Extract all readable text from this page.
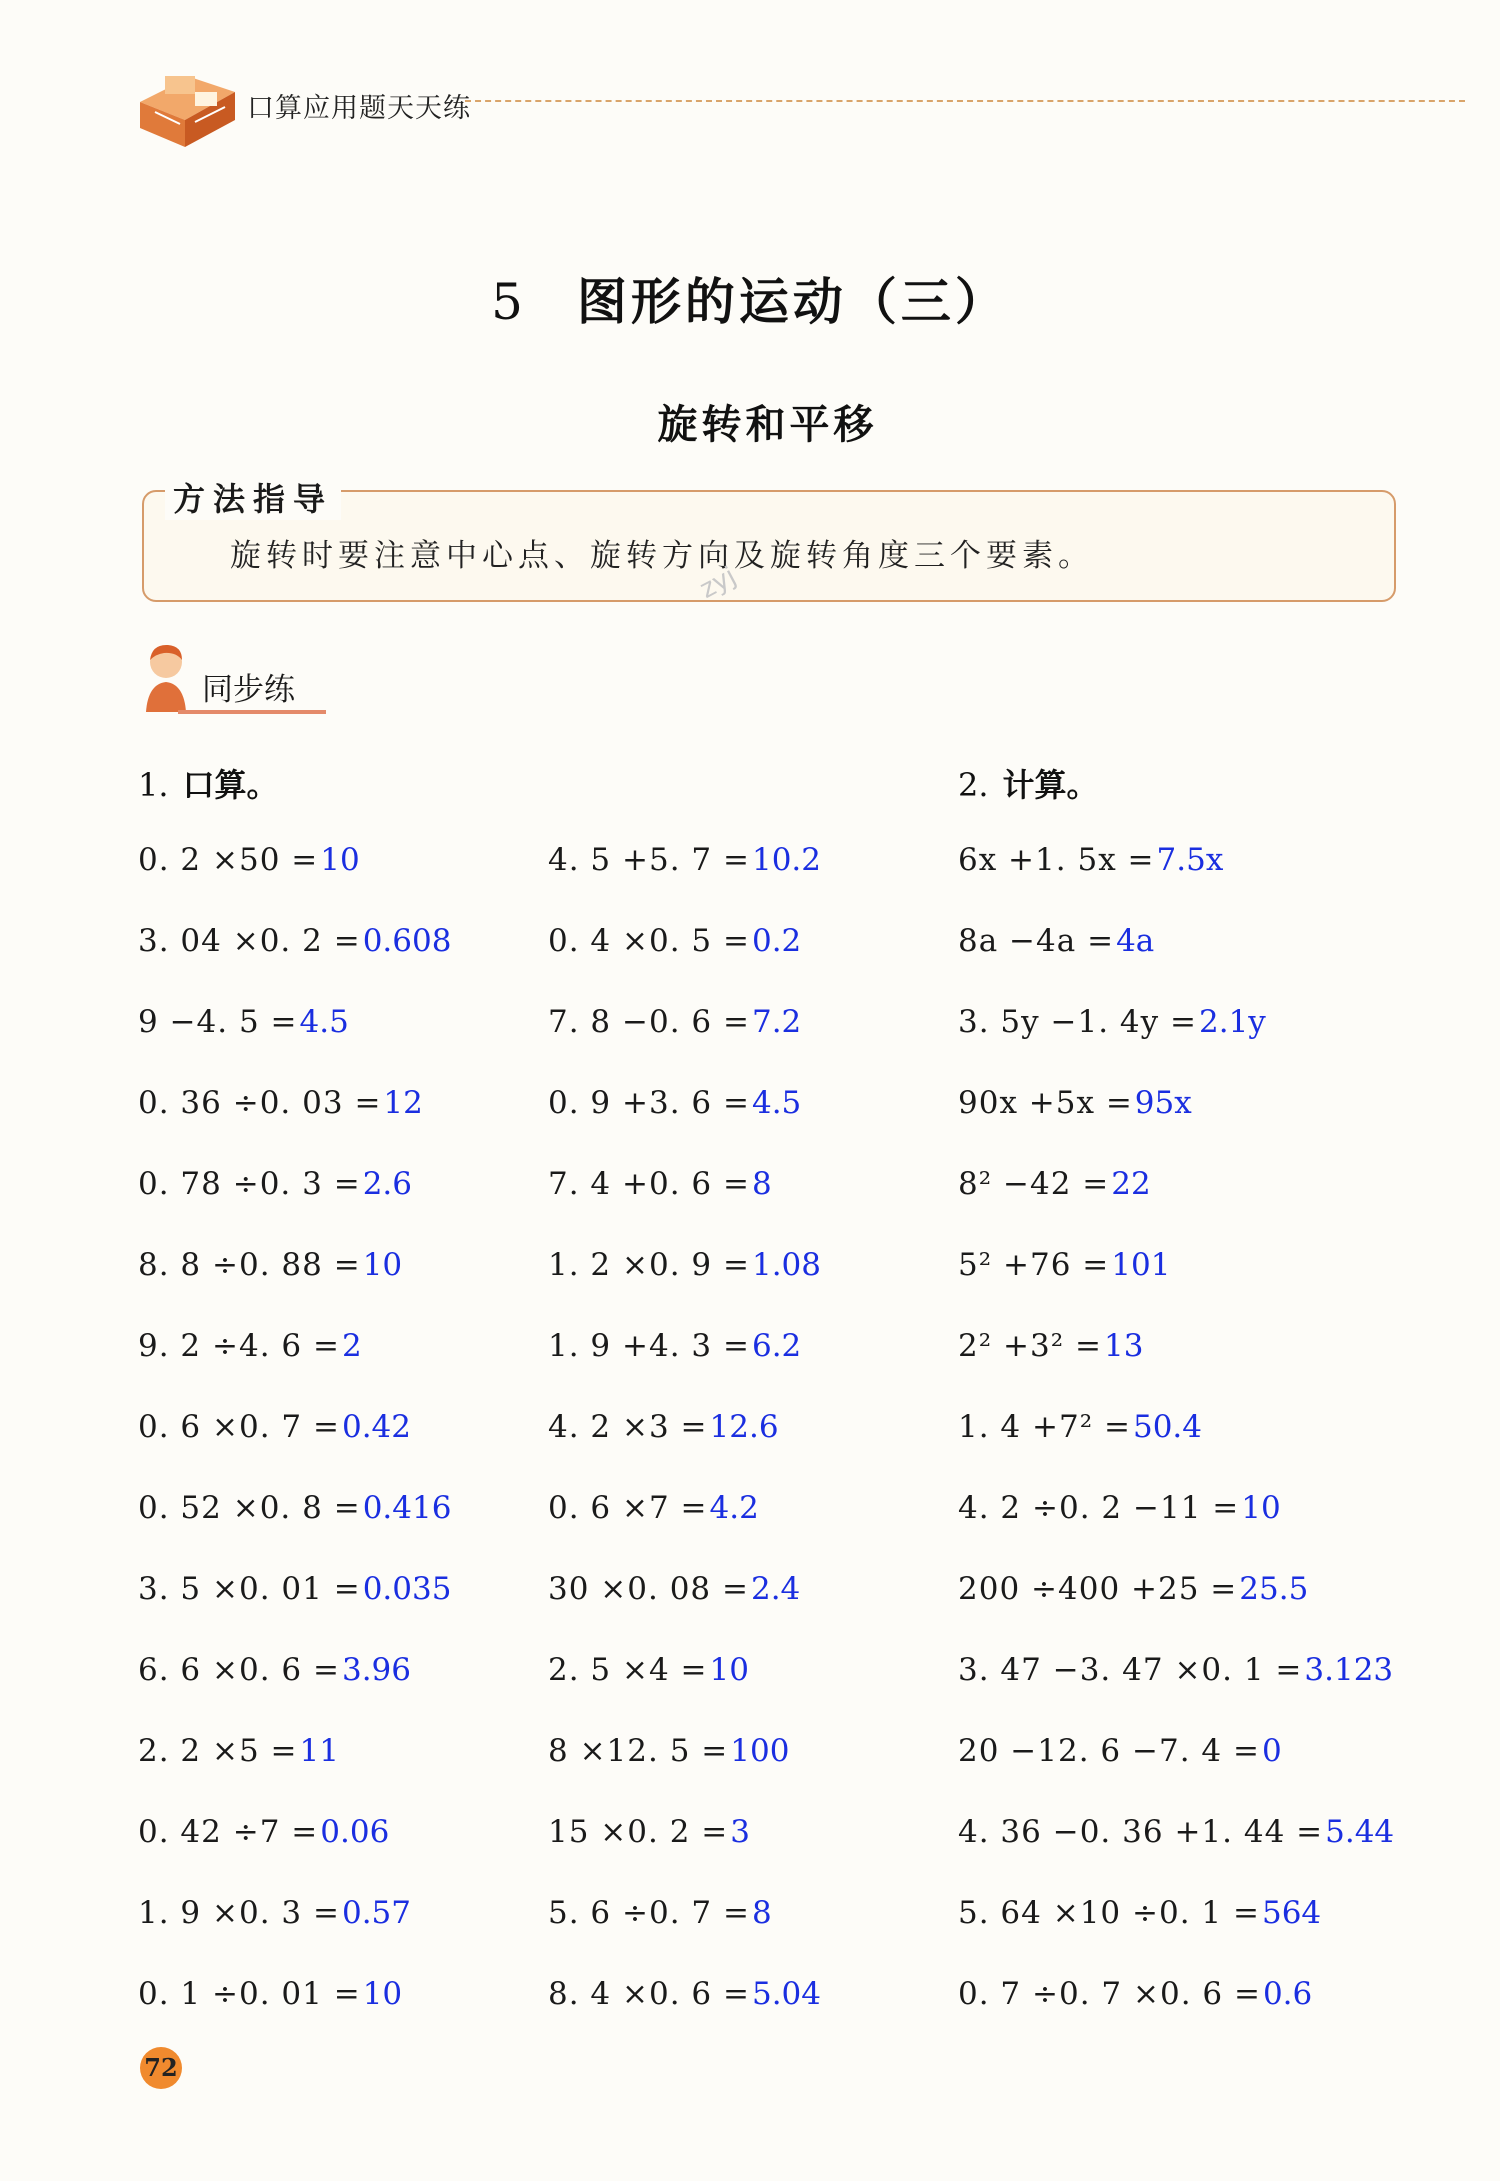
口算应用题天天练
5 图形的运动（三）
旋转和平移
方法指导
旋转时要注意中心点、旋转方向及旋转角度三个要素。
zyj
同步练
1. 口算。	2. 计算。
0. 2 ×50 =10
3. 04 ×0. 2 =0.608
9 −4. 5 =4.5
0. 36 ÷0. 03 =12
0. 78 ÷0. 3 =2.6
8. 8 ÷0. 88 =10
9. 2 ÷4. 6 =2
0. 6 ×0. 7 =0.42
0. 52 ×0. 8 =0.416
3. 5 ×0. 01 =0.035
6. 6 ×0. 6 =3.96
2. 2 ×5 =11
0. 42 ÷7 =0.06
1. 9 ×0. 3 =0.57
0. 1 ÷0. 01 =10
4. 5 +5. 7 =10.2
0. 4 ×0. 5 =0.2
7. 8 −0. 6 =7.2
0. 9 +3. 6 =4.5
7. 4 +0. 6 =8
1. 2 ×0. 9 =1.08
1. 9 +4. 3 =6.2
4. 2 ×3 =12.6
0. 6 ×7 =4.2
30 ×0. 08 =2.4
2. 5 ×4 =10
8 ×12. 5 =100
15 ×0. 2 =3
5. 6 ÷0. 7 =8
8. 4 ×0. 6 =5.04
6x +1. 5x =7.5x
8a −4a =4a
3. 5y −1. 4y =2.1y
90x +5x =95x
8² −42 =22
5² +76 =101
2² +3² =13
1. 4 +7² =50.4
4. 2 ÷0. 2 −11 =10
200 ÷400 +25 =25.5
3. 47 −3. 47 ×0. 1 =3.123
20 −12. 6 −7. 4 =0
4. 36 −0. 36 +1. 44 =5.44
5. 64 ×10 ÷0. 1 =564
0. 7 ÷0. 7 ×0. 6 =0.6
72
